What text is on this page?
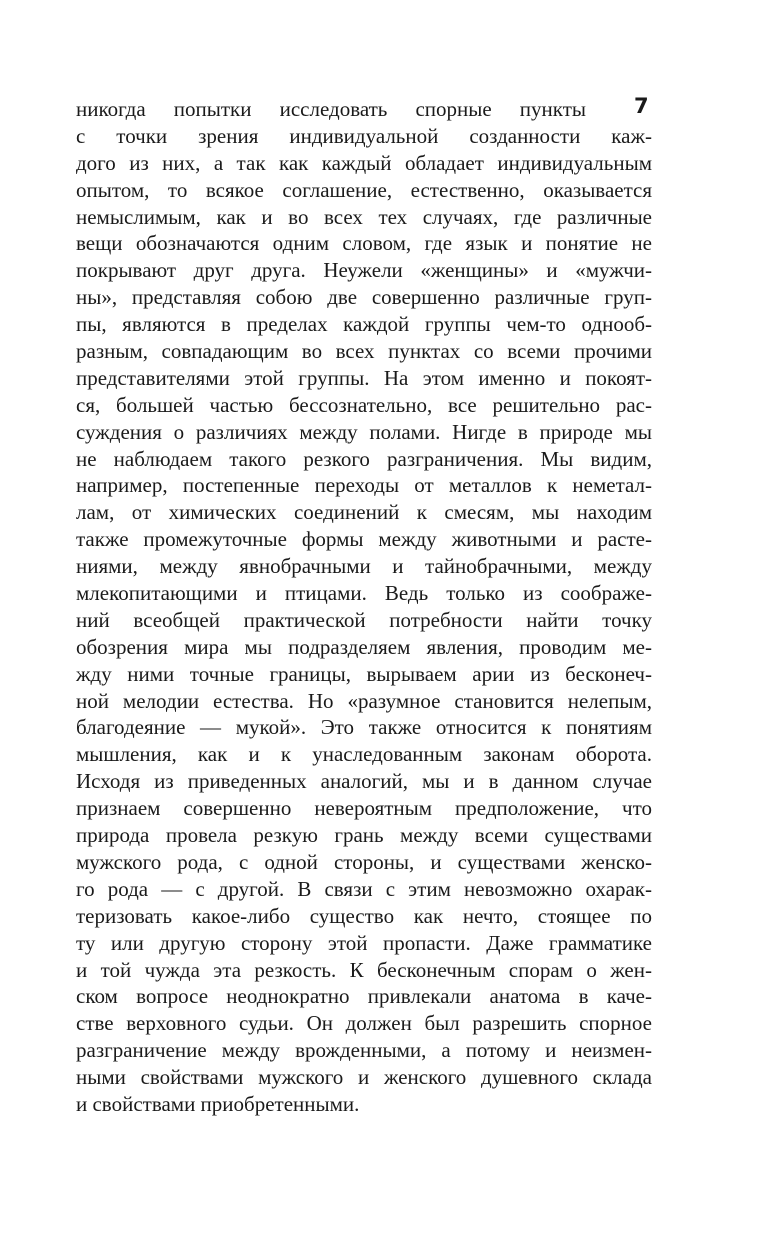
7
никогда попытки исследовать спорные пункты
с точки зрения индивидуальной созданности каж-
дого из них, а так как каждый обладает индивидуальным
опытом, то всякое соглашение, естественно, оказывается
немыслимым, как и во всех тех случаях, где различные
вещи обозначаются одним словом, где язык и понятие не
покрывают друг друга. Неужели «женщины» и «мужчи-
ны», представляя собою две совершенно различные груп-
пы, являются в пределах каждой группы чем-то однооб-
разным, совпадающим во всех пунктах со всеми прочими
представителями этой группы. На этом именно и покоят-
ся, большей частью бессознательно, все решительно рас-
суждения о различиях между полами. Нигде в природе мы
не наблюдаем такого резкого разграничения. Мы видим,
например, постепенные переходы от металлов к неметал-
лам, от химических соединений к смесям, мы находим
также промежуточные формы между животными и расте-
ниями, между явнобрачными и тайнобрачными, между
млекопитающими и птицами. Ведь только из соображе-
ний всеобщей практической потребности найти точку
обозрения мира мы подразделяем явления, проводим ме-
жду ними точные границы, вырываем арии из бесконеч-
ной мелодии естества. Но «разумное становится нелепым,
благодеяние — мукой». Это также относится к понятиям
мышления, как и к унаследованным законам оборота.
Исходя из приведенных аналогий, мы и в данном случае
признаем совершенно невероятным предположение, что
природа провела резкую грань между всеми существами
мужского рода, с одной стороны, и существами женско-
го рода — с другой. В связи с этим невозможно охарак-
теризовать какое-либо существо как нечто, стоящее по
ту или другую сторону этой пропасти. Даже грамматике
и той чужда эта резкость. К бесконечным спорам о жен-
ском вопросе неоднократно привлекали анатома в каче-
стве верховного судьи. Он должен был разрешить спорное
разграничение между врожденными, а потому и неизмен-
ными свойствами мужского и женского душевного склада
и свойствами приобретенными.
